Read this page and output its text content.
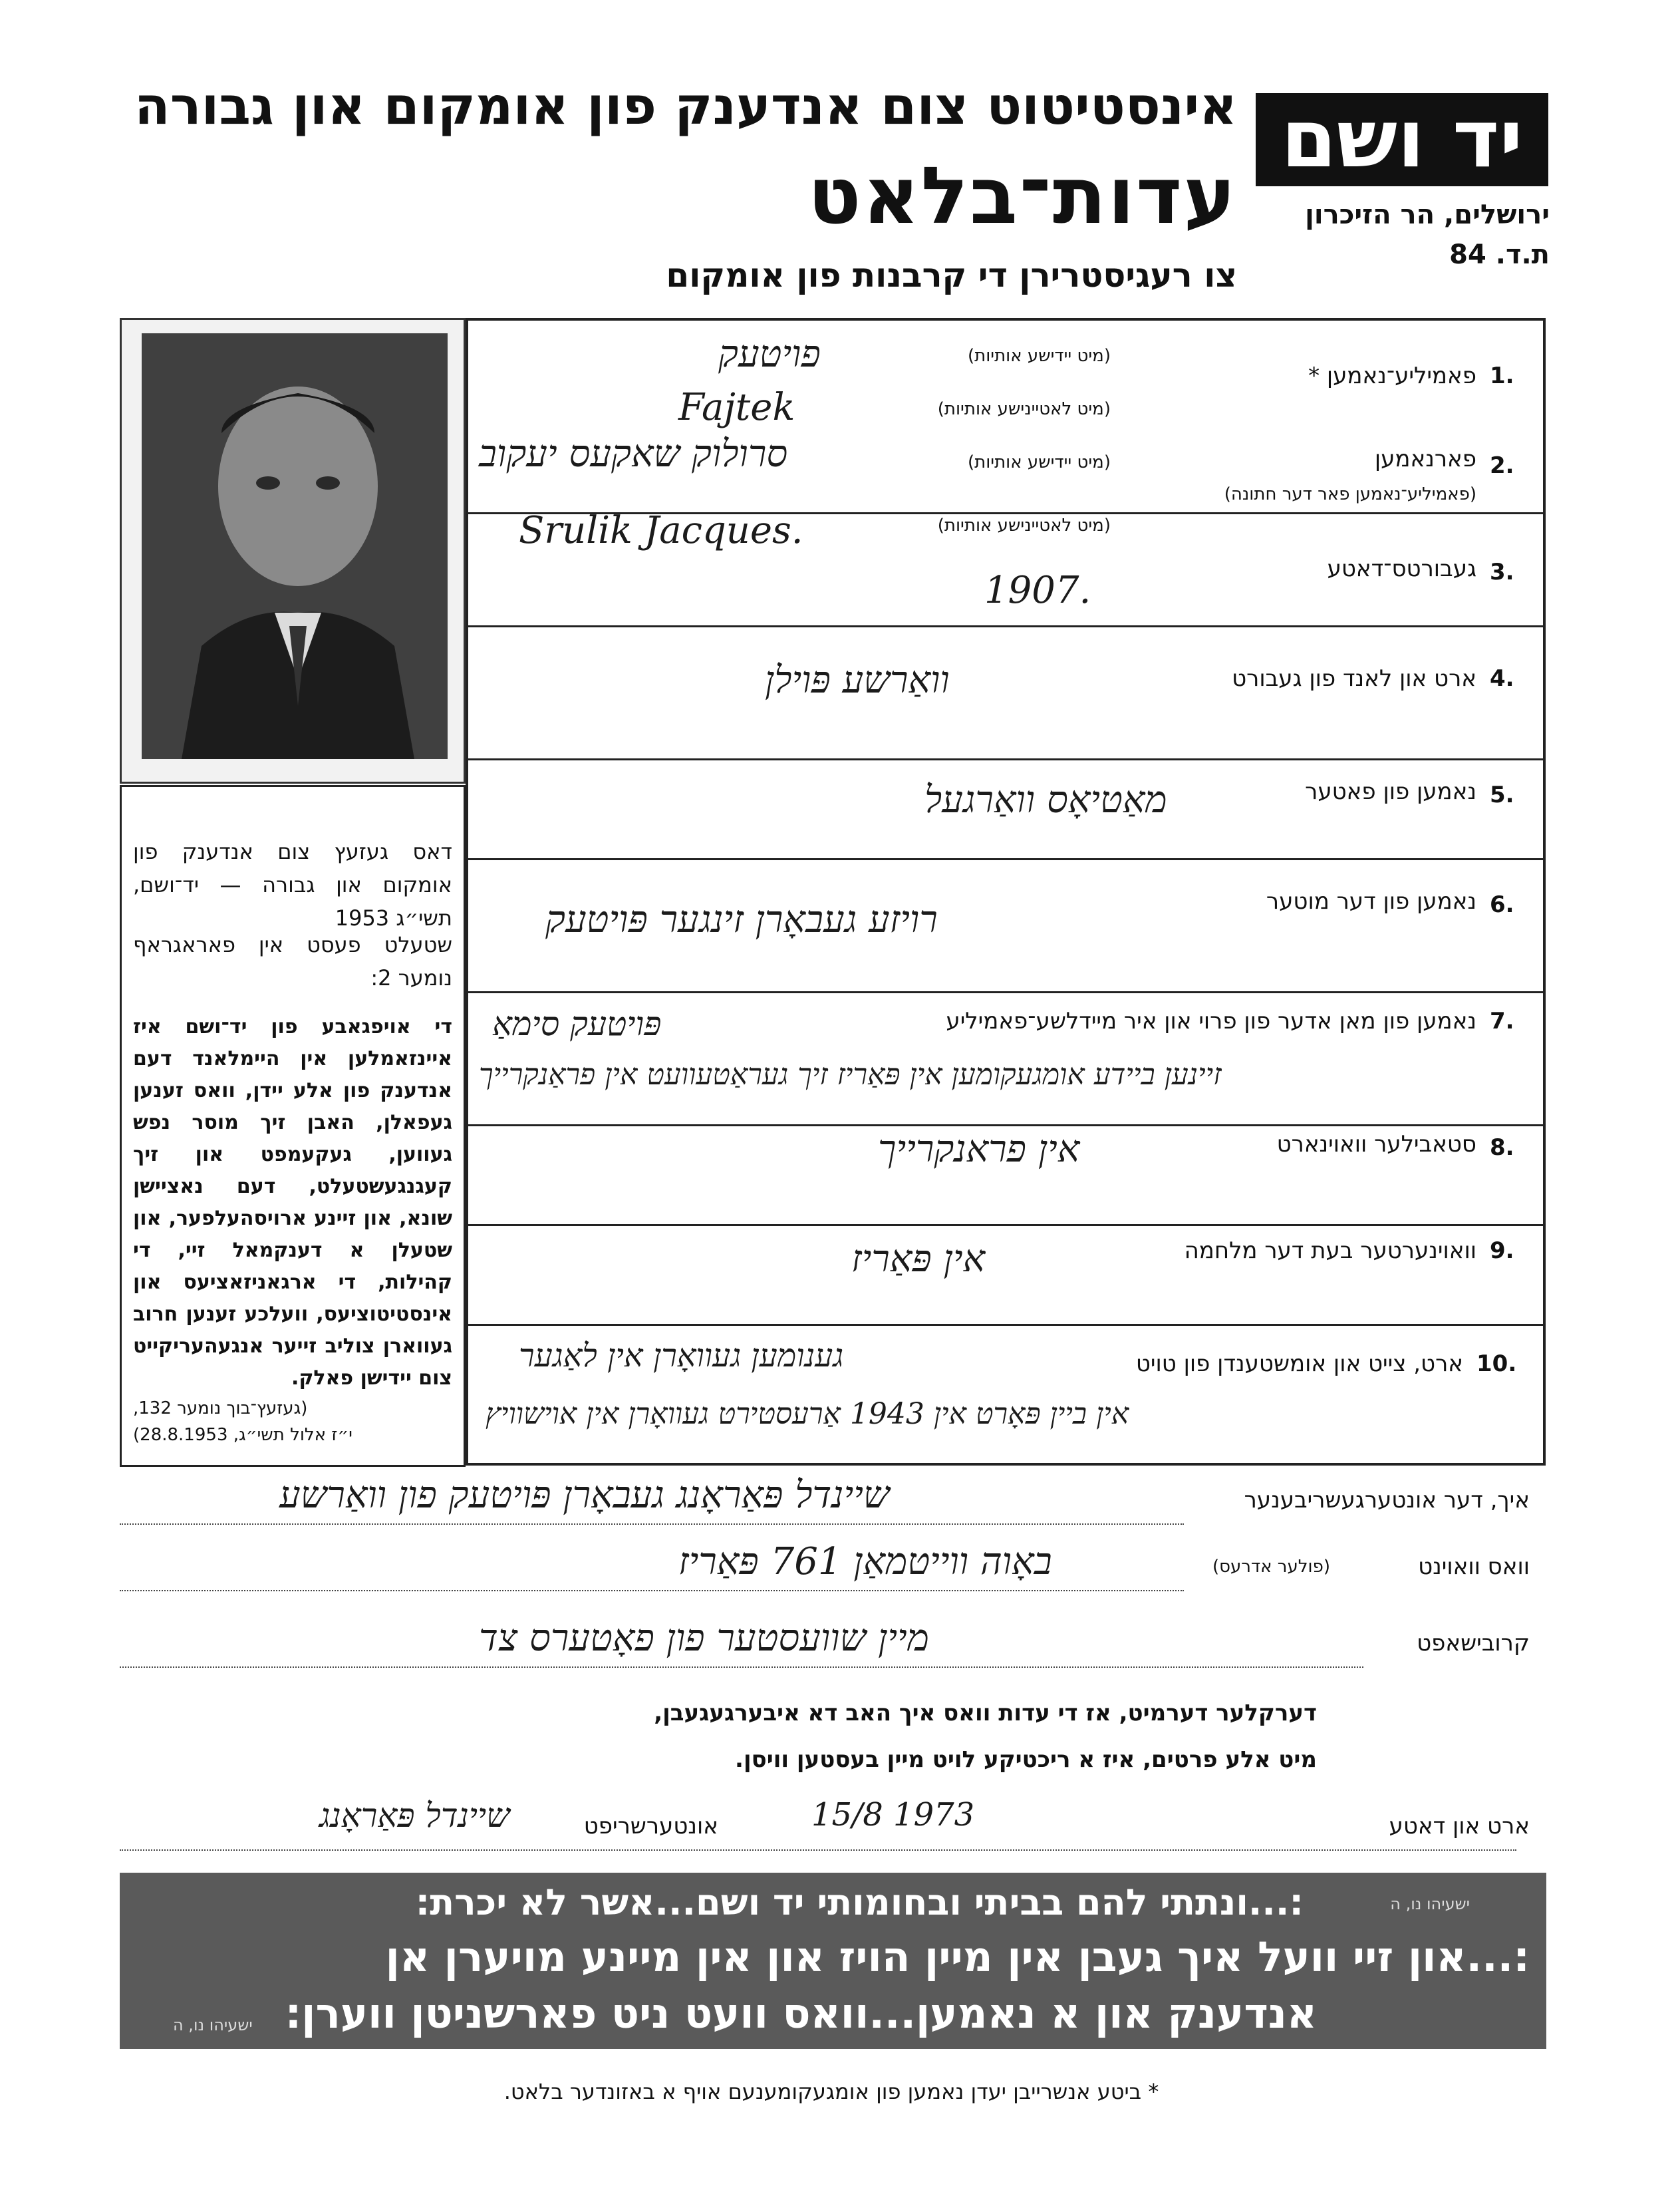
יד ושם
ירושלים, הר הזיכרון
ת.ד. 84
אינסטיטוט צום אנדענק פון אומקום און גבורה
עדות־בלאט
צו רעגיסטרירן די קרבנות פון אומקום
דאס געזעץ צום אנדענק פון אומקום און גבורה — יד־ושם, תשי״ג 1953
שטעלט פעסט אין פאראגראף נומער 2:
די אויפגאבע פון יד־ושם איז איינזאמלען אין היימלאנד דעם אנדענק פון אלע יידן, וואס זענען געפאלן, האבן זיך מוסר נפש געווען, געקעמפט און זיך קעגנגעשטעלט, דעם נאציישן שונא, און זיינע ארויסהעלפער, און שטעלן א דענקמאל זיי, די קהילות, די ארגאניזאציעס און אינסטיטוציעס, וועלכע זענען חרוב געווארן צוליב זייער אנגעהעריקייט צום יידישן פאלק.
(געזעץ־בוך נומער 132,
י״ז אלול תשי״ג, 28.8.1953)
1.
פאמיליע־נאמען *
(מיט יידישע אותיות)
(מיט לאטיינישע אותיות)
פויטעק
Fajtek
2.
פארנאמען
(פאמיליע־נאמען פאר דער חתונה)
(מיט יידישע אותיות)
(מיט לאטיינישע אותיות)
סרולוק שאקעס יעקוב
Srulik Jacques.
3.
געבורטס־דאטע
1907.
4.
ארט און לאנד פון געבורט
וואַרשע פּוילן
5.
נאמען פון פאטער
מאַטיאָס וואַרגעל
6.
נאמען פון דער מוטער
רויזע געבאָרן זינגער פּויטעק
7.
נאמען פון מאן אדער פון פרוי און איר מיידלשע־פאמיליע
פּויטעק סימאַ
זיינען ביידע אומגעקומען אין פּאַריז זיך געראַטעוועט אין פראַנקרייך
8.
סטאבילער וואוינארט
אין פראנקרייך
9.
וואוינערטער בעת דער מלחמה
אין פּאַריז
10.
ארט, צייט און אומשטענדן פון טויט
גענומען געוואָרן אין לאַגער
אין ביין פּאָרט אין 1943 אַרעסטירט געוואָרן אין אוישוויץ
איך, דער אונטערגעשריבענער
שיינדל פּאַראָנג געבאָרן פּויטעק פון וואַרשע
וואס וואוינט
(פולער אדרעס)
באָוה ווייטמאַן 761 פּאַריז
קרובישאפט
מיין שוועסטער פון פאָטערס צד
דערקלער דערמיט, אז די עדות וואס איך האב דא איבערגעגעבן,
מיט אלע פרטים, איז א ריכטיקע לויט מיין בעסטען וויסן.
ארט און דאטע
15/8 1973
אונטערשריפט
שיינדל פּאַראָנג
:...ונתתי להם בביתי ובחומותי יד ושם...אשר לא יכרת:	ישעיהו נו, ה
:...און זיי וועל איך געבן אין מיין הויז און אין מיינע מויערן אן
אנדענק און א נאמען...וואס וועט ניט פארשניטן ווערן:
ישעיהו נו, ה
* ביטע אנשרייבן יעדן נאמען פון אומגעקומענעם אויף א באזונדער בלאט.
